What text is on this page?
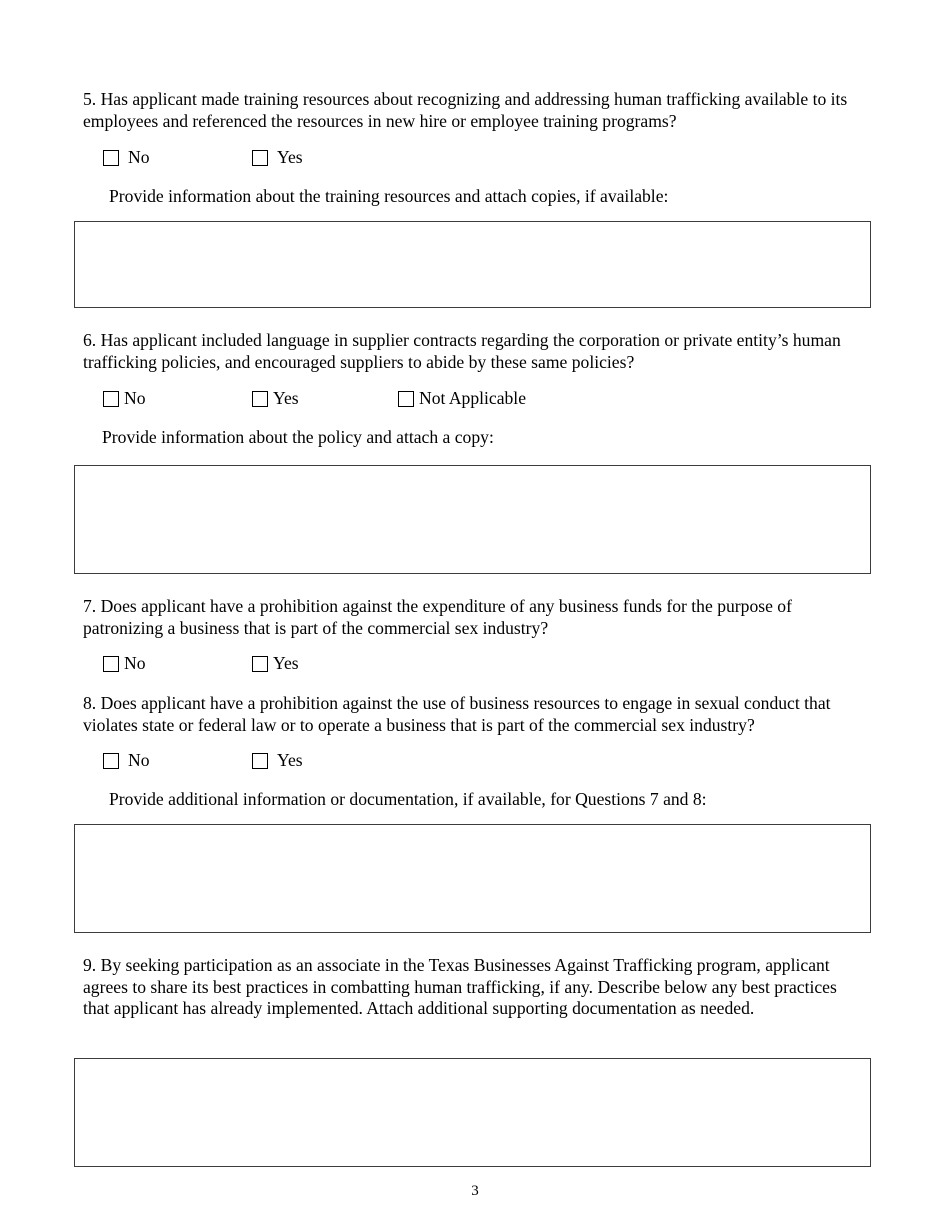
5. Has applicant made training resources about recognizing and addressing human trafficking available to its employees and referenced the resources in new hire or employee training programs?

No	Yes

Provide information about the training resources and attach copies, if available:

6. Has applicant included language in supplier contracts regarding the corporation or private entity’s human trafficking policies, and encouraged suppliers to abide by these same policies?

No	Yes	Not Applicable

Provide information about the policy and attach a copy:

7. Does applicant have a prohibition against the expenditure of any business funds for the purpose of patronizing a business that is part of the commercial sex industry?

No	Yes

8. Does applicant have a prohibition against the use of business resources to engage in sexual conduct that violates state or federal law or to operate a business that is part of the commercial sex industry?

No	Yes

Provide additional information or documentation, if available, for Questions 7 and 8:

9. By seeking participation as an associate in the Texas Businesses Against Trafficking program, applicant agrees to share its best practices in combatting human trafficking, if any. Describe below any best practices that applicant has already implemented. Attach additional supporting documentation as needed.

3
